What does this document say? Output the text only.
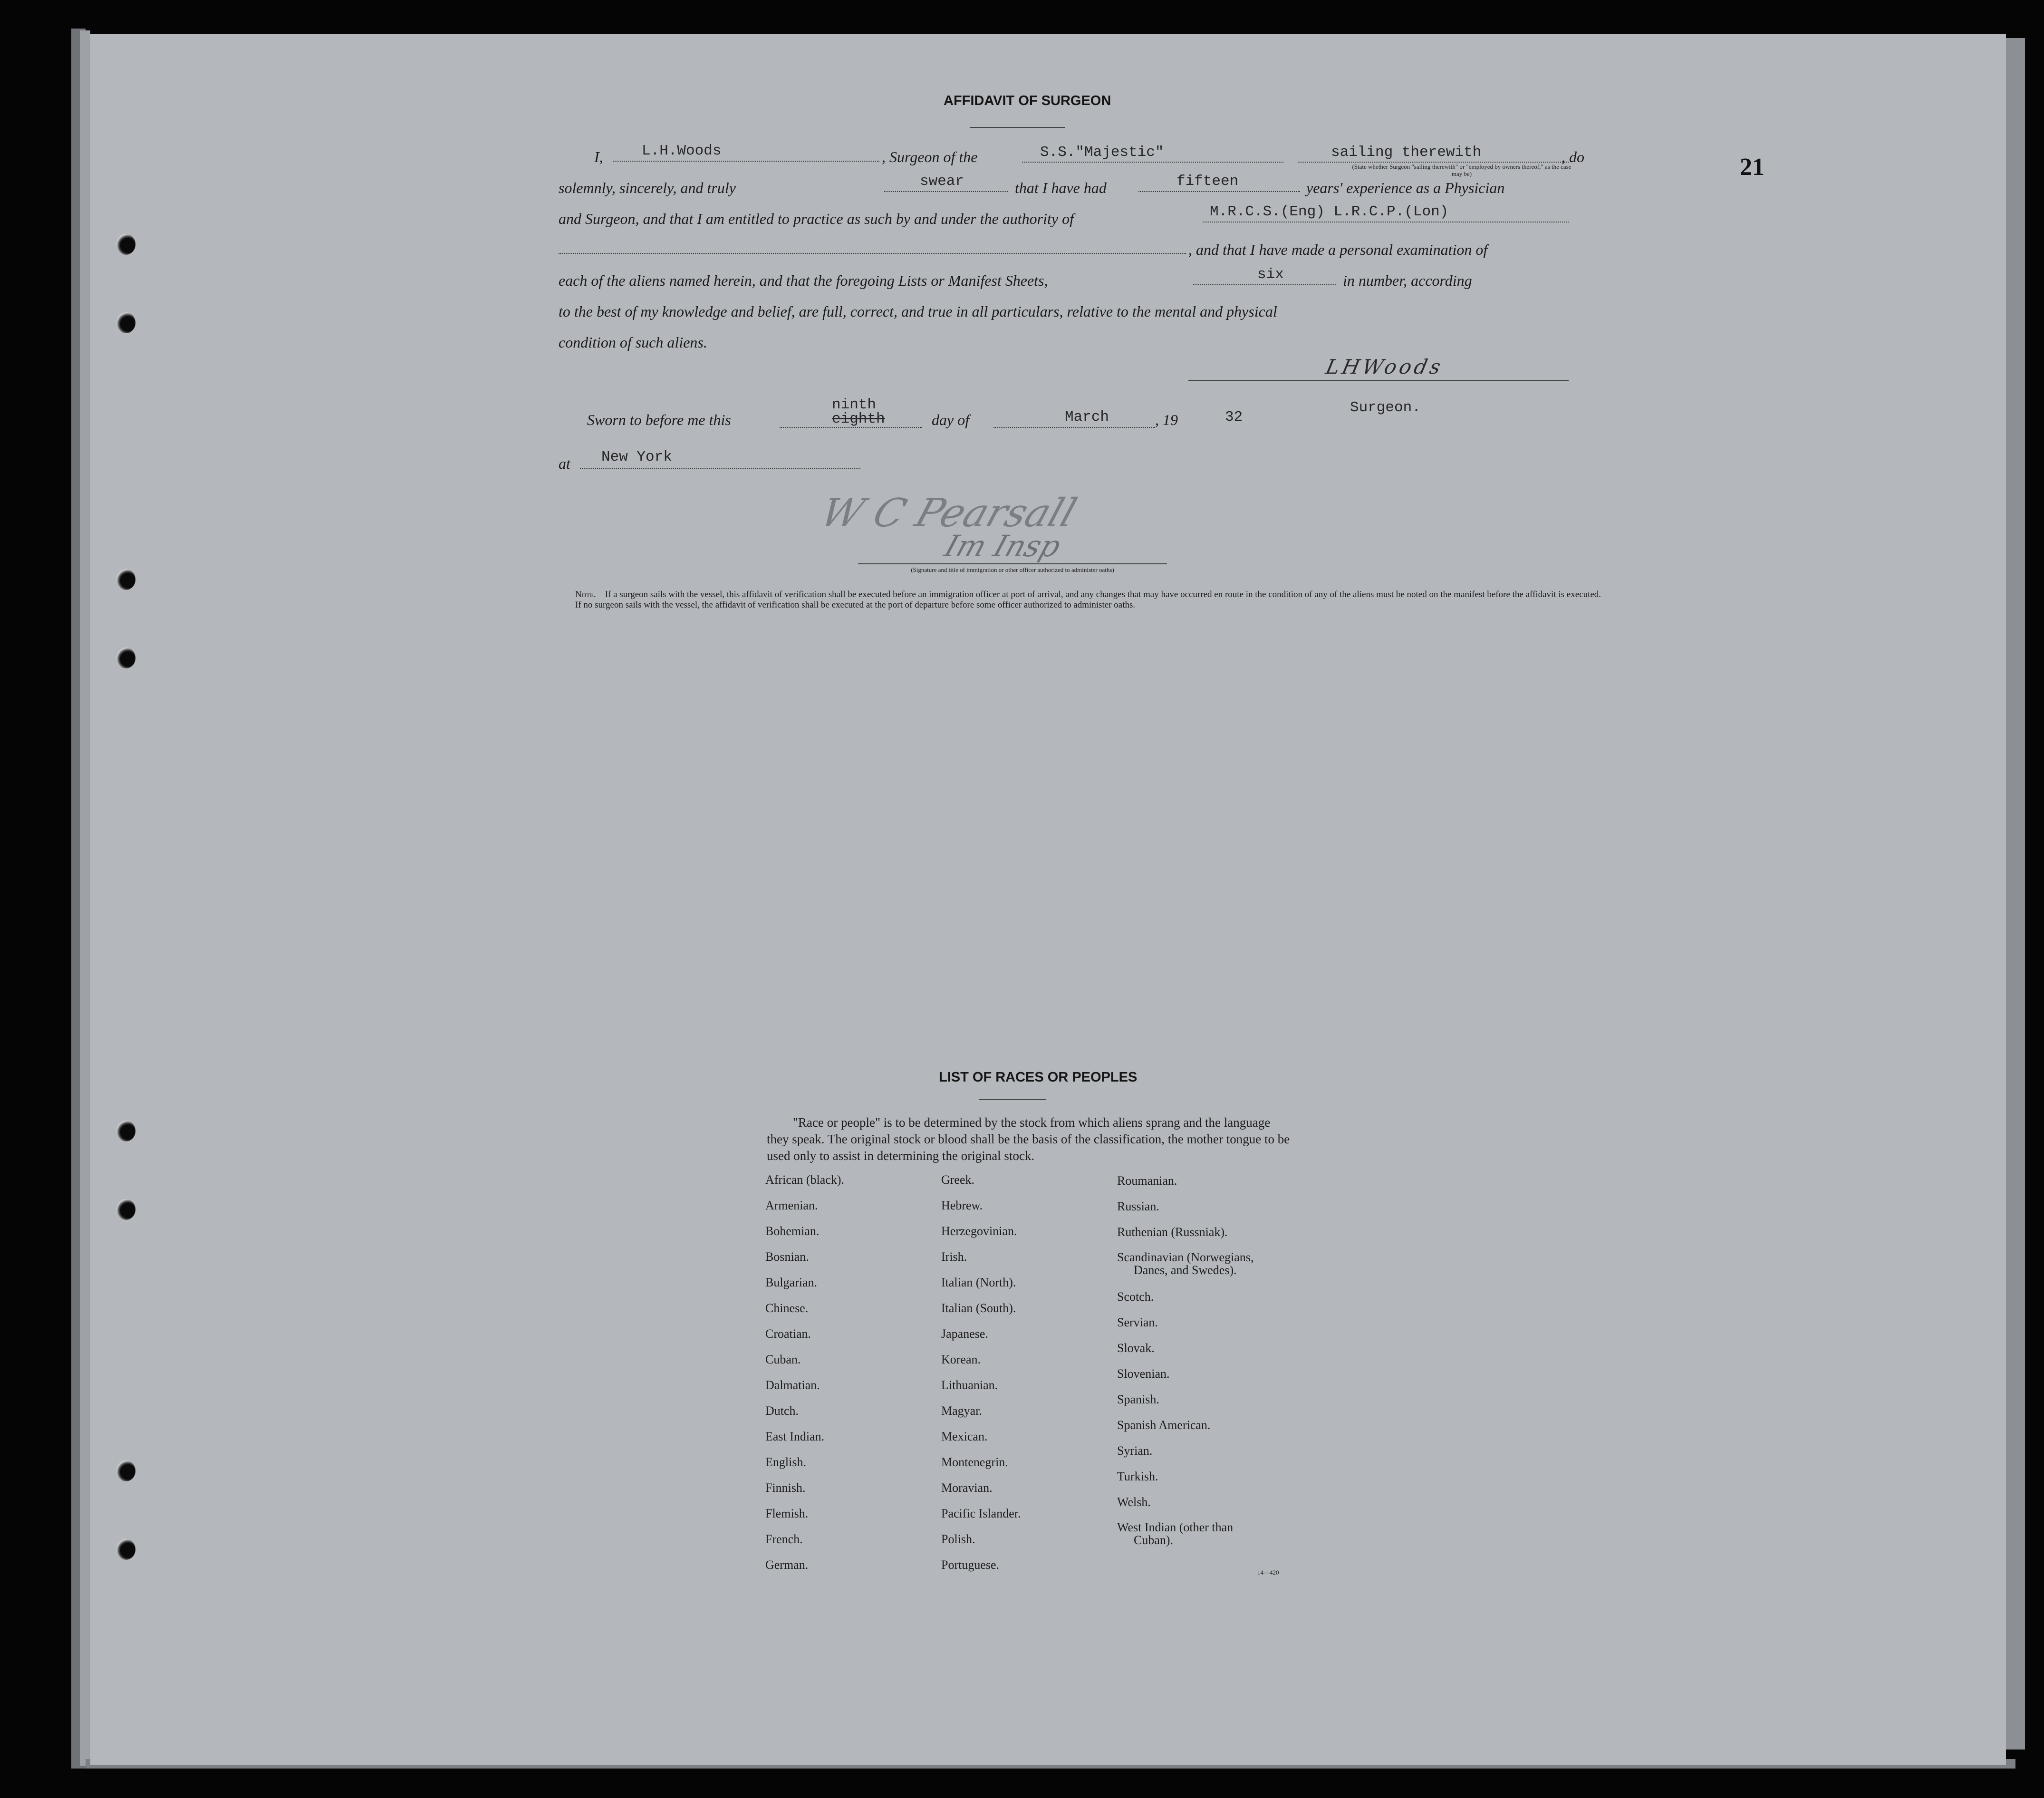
21
AFFIDAVIT OF SURGEON
I,	L.H.Woods	, Surgeon of the	S.S."Majestic"	sailing therewith
(State whether Surgeon "sailing therewith" or "employed by owners thereof," as the case may be)
, do
solemnly, sincerely, and truly	swear	that I have had	fifteen	years' experience as a Physician
and Surgeon, and that I am entitled to practice as such by and under the authority of	M.R.C.S.(Eng) L.R.C.P.(Lon)
, and that I have made a personal examination of
each of the aliens named herein, and that the foregoing Lists or Manifest Sheets,	six	in number, according
to the best of my knowledge and belief, are full, correct, and true in all particulars, relative to the mental and physical
condition of such aliens.
LHWoods
Surgeon.
Sworn to before me this
ninth
eighth	day of	March	, 19	32
at New York
W C Pearsall
Im Insp
(Signature and title of immigration or other officer authorized to administer oaths)
Note.—If a surgeon sails with the vessel, this affidavit of verification shall be executed before an immigration officer at port of arrival, and any changes that may have occurred en route in the condition of any of the aliens must be noted on the manifest before the affidavit is executed.
If no surgeon sails with the vessel, the affidavit of verification shall be executed at the port of departure before some officer authorized to administer oaths.
LIST OF RACES OR PEOPLES
"Race or people" is to be determined by the stock from which aliens sprang and the language they speak. The original stock or blood shall be the basis of the classification, the mother tongue to be used only to assist in determining the original stock.
African (black).
Armenian.
Bohemian.
Bosnian.
Bulgarian.
Chinese.
Croatian.
Cuban.
Dalmatian.
Dutch.
East Indian.
English.
Finnish.
Flemish.
French.
German.
Greek.
Hebrew.
Herzegovinian.
Irish.
Italian (North).
Italian (South).
Japanese.
Korean.
Lithuanian.
Magyar.
Mexican.
Montenegrin.
Moravian.
Pacific Islander.
Polish.
Portuguese.
Roumanian.
Russian.
Ruthenian (Russniak).
Scandinavian (Norwegians,
Danes, and Swedes).
Scotch.
Servian.
Slovak.
Slovenian.
Spanish.
Spanish American.
Syrian.
Turkish.
Welsh.
West Indian (other than
Cuban).
14—420
